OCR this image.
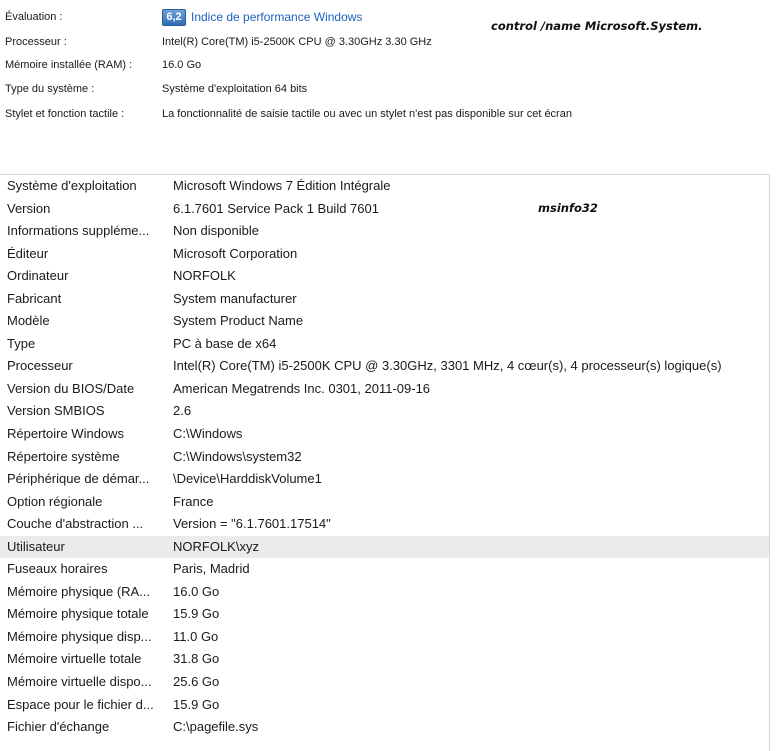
Évaluation :	6,2 Indice de performance Windows
Processeur :	Intel(R) Core(TM) i5-2500K CPU @ 3.30GHz 3.30 GHz
Mémoire installée (RAM) :	16.0 Go
Type du système :	Système d'exploitation 64 bits
Stylet et fonction tactile :	La fonctionnalité de saisie tactile ou avec un stylet n'est pas disponible sur cet écran
control /name Microsoft.System.
Système d'exploitation	Microsoft Windows 7 Édition Intégrale
Version	6.1.7601 Service Pack 1 Build 7601
Informations suppléme...	Non disponible
Éditeur	Microsoft Corporation
Ordinateur	NORFOLK
Fabricant	System manufacturer
Modèle	System Product Name
Type	PC à base de x64
Processeur	Intel(R) Core(TM) i5-2500K CPU @ 3.30GHz, 3301 MHz, 4 cœur(s), 4 processeur(s) logique(s)
Version du BIOS/Date	American Megatrends Inc. 0301, 2011-09-16
Version SMBIOS	2.6
Répertoire Windows	C:\Windows
Répertoire système	C:\Windows\system32
Périphérique de démar...	\Device\HarddiskVolume1
Option régionale	France
Couche d'abstraction ...	Version = "6.1.7601.17514"
Utilisateur	NORFOLK\xyz
Fuseaux horaires	Paris, Madrid
Mémoire physique (RA...	16.0 Go
Mémoire physique totale	15.9 Go
Mémoire physique disp...	11.0 Go
Mémoire virtuelle totale	31.8 Go
Mémoire virtuelle dispo...	25.6 Go
Espace pour le fichier d...	15.9 Go
Fichier d'échange	C:\pagefile.sys
msinfo32
